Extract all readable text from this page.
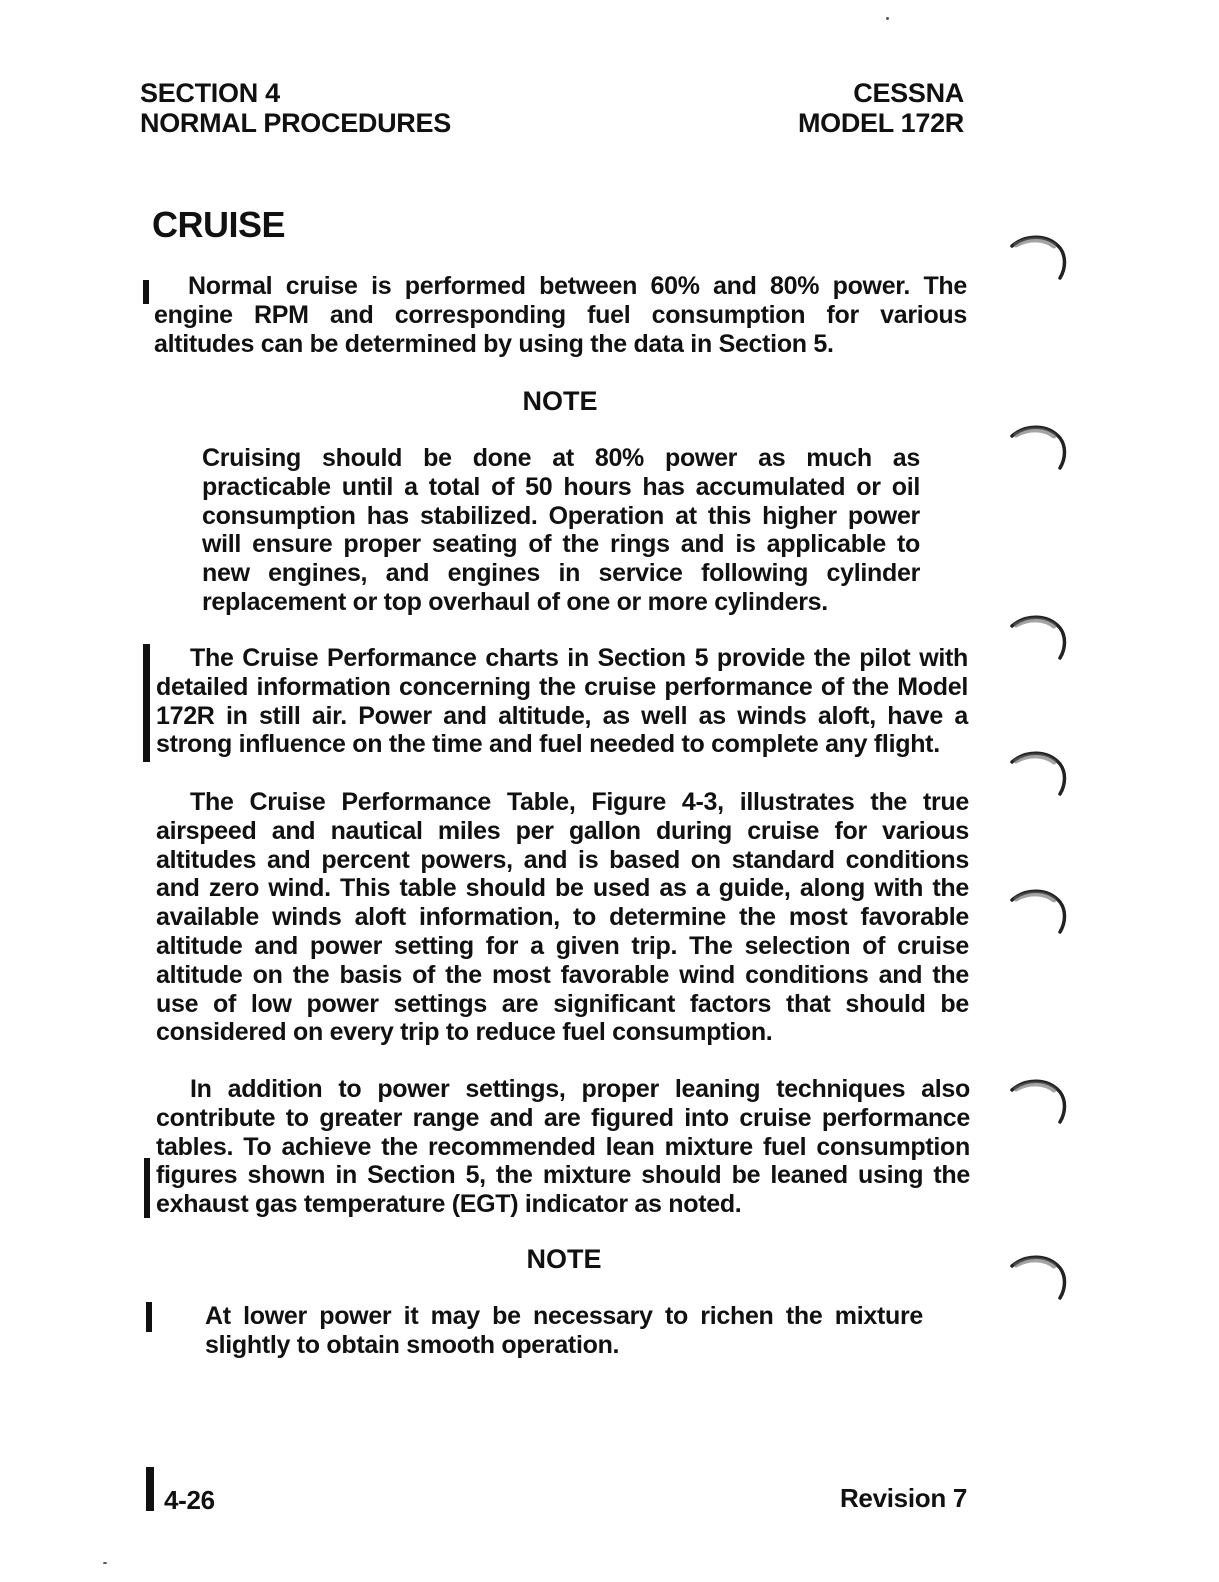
SECTION 4
NORMAL PROCEDURES
CESSNA
MODEL 172R
CRUISE
Normal cruise is performed between 60% and 80% power. The engine RPM and corresponding fuel consumption for various altitudes can be determined by using the data in Section 5.
NOTE
Cruising should be done at 80% power as much as practicable until a total of 50 hours has accumulated or oil consumption has stabilized. Operation at this higher power will ensure proper seating of the rings and is applicable to new engines, and engines in service following cylinder replacement or top overhaul of one or more cylinders.
The Cruise Performance charts in Section 5 provide the pilot with detailed information concerning the cruise performance of the Model 172R in still air. Power and altitude, as well as winds aloft, have a strong influence on the time and fuel needed to complete any flight.
The Cruise Performance Table, Figure 4-3, illustrates the true airspeed and nautical miles per gallon during cruise for various altitudes and percent powers, and is based on standard conditions and zero wind. This table should be used as a guide, along with the available winds aloft information, to determine the most favorable altitude and power setting for a given trip. The selection of cruise altitude on the basis of the most favorable wind conditions and the use of low power settings are significant factors that should be considered on every trip to reduce fuel consumption.
In addition to power settings, proper leaning techniques also contribute to greater range and are figured into cruise performance tables. To achieve the recommended lean mixture fuel consumption figures shown in Section 5, the mixture should be leaned using the exhaust gas temperature (EGT) indicator as noted.
NOTE
At lower power it may be necessary to richen the mixture slightly to obtain smooth operation.
4-26	Revision 7
